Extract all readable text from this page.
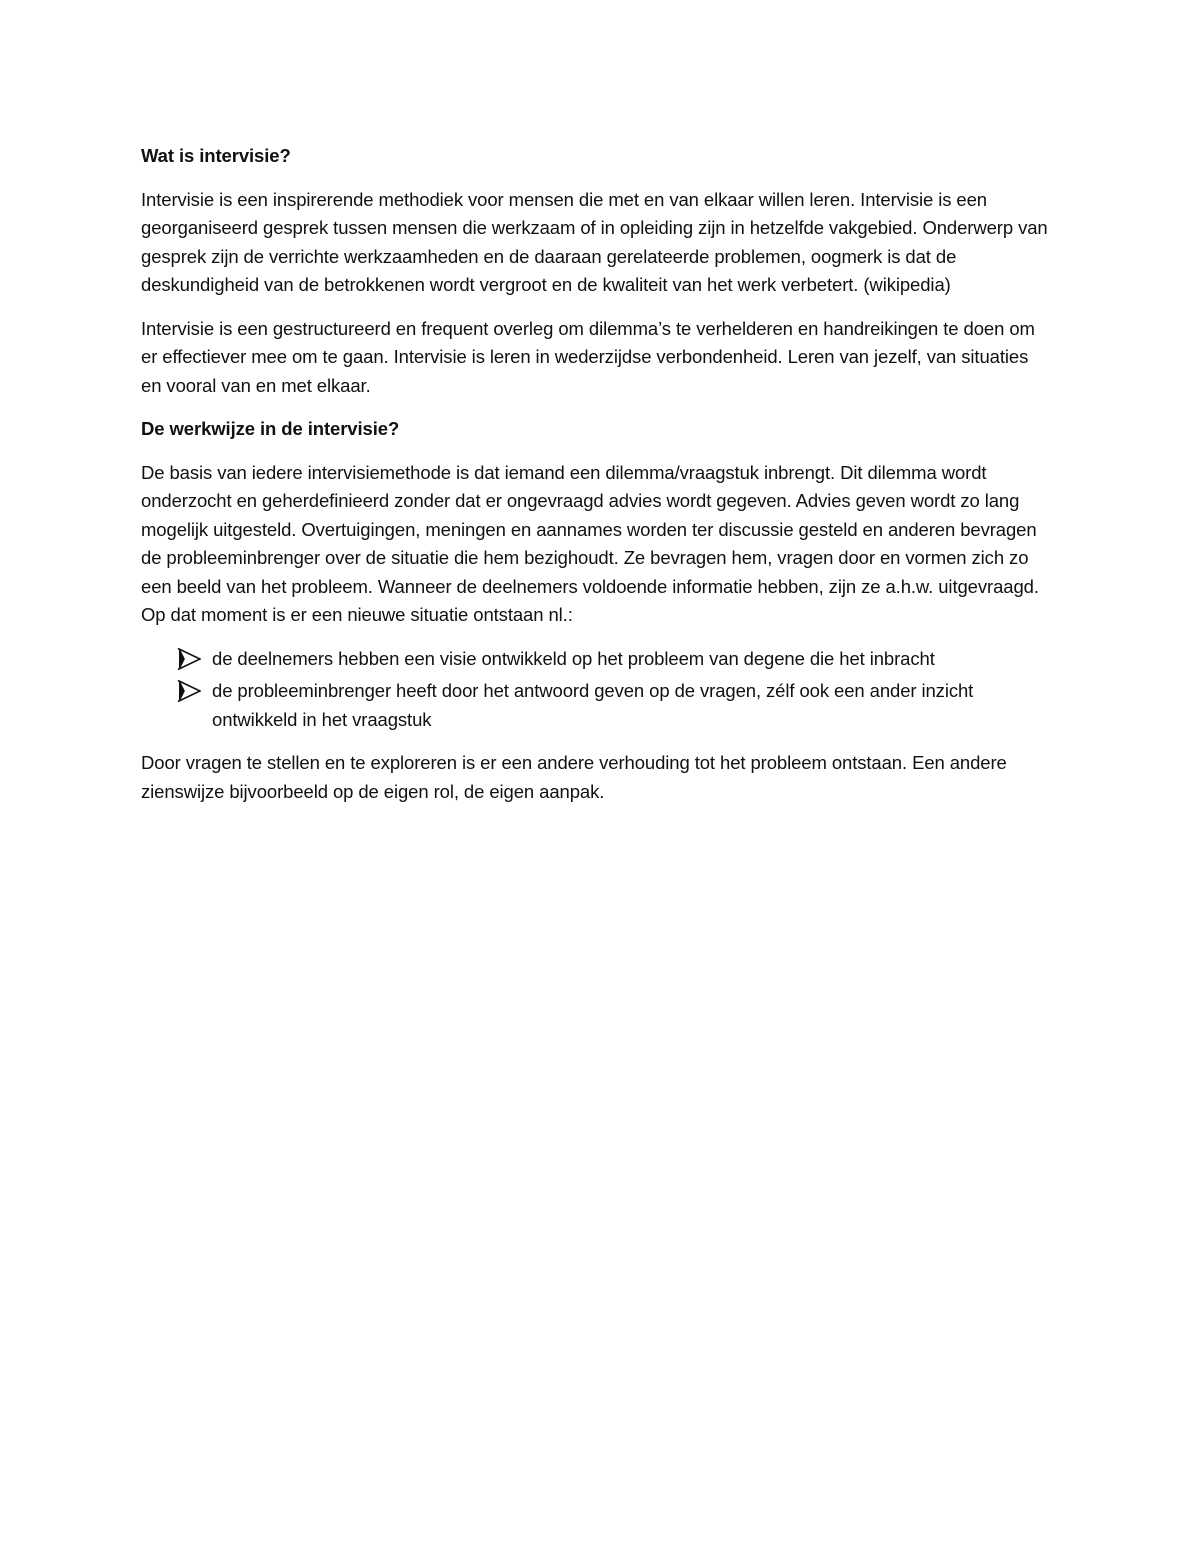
Wat is intervisie?

Intervisie is een inspirerende methodiek voor mensen die met en van elkaar willen leren. Intervisie is een georganiseerd gesprek tussen mensen die werkzaam of in opleiding zijn in hetzelfde vakgebied. Onderwerp van gesprek zijn de verrichte werkzaamheden en de daaraan gerelateerde problemen, oogmerk is dat de deskundigheid van de betrokkenen wordt vergroot en de kwaliteit van het werk verbetert. (wikipedia)

Intervisie is een gestructureerd en frequent overleg om dilemma’s te verhelderen en handreikingen te doen om er effectiever mee om te gaan. Intervisie is leren in wederzijdse verbondenheid. Leren van jezelf, van situaties en vooral van en met elkaar.

De werkwijze in de intervisie?

De basis van iedere intervisiemethode is dat iemand een dilemma/vraagstuk inbrengt. Dit dilemma wordt onderzocht en geherdefinieerd zonder dat er ongevraagd advies wordt gegeven. Advies geven wordt zo lang mogelijk uitgesteld. Overtuigingen, meningen en aannames worden ter discussie gesteld en anderen bevragen de probleeminbrenger over de situatie die hem bezighoudt. Ze bevragen hem, vragen door en vormen zich zo een beeld van het probleem. Wanneer de deelnemers voldoende informatie hebben, zijn ze a.h.w. uitgevraagd. Op dat moment is er een nieuwe situatie ontstaan nl.:

de deelnemers hebben een visie ontwikkeld op het probleem van degene die het inbracht
de probleeminbrenger heeft door het antwoord geven op de vragen, zélf ook een ander inzicht ontwikkeld in het vraagstuk

Door vragen te stellen en te exploreren is er een andere verhouding tot het probleem ontstaan. Een andere zienswijze bijvoorbeeld op de eigen rol, de eigen aanpak.
